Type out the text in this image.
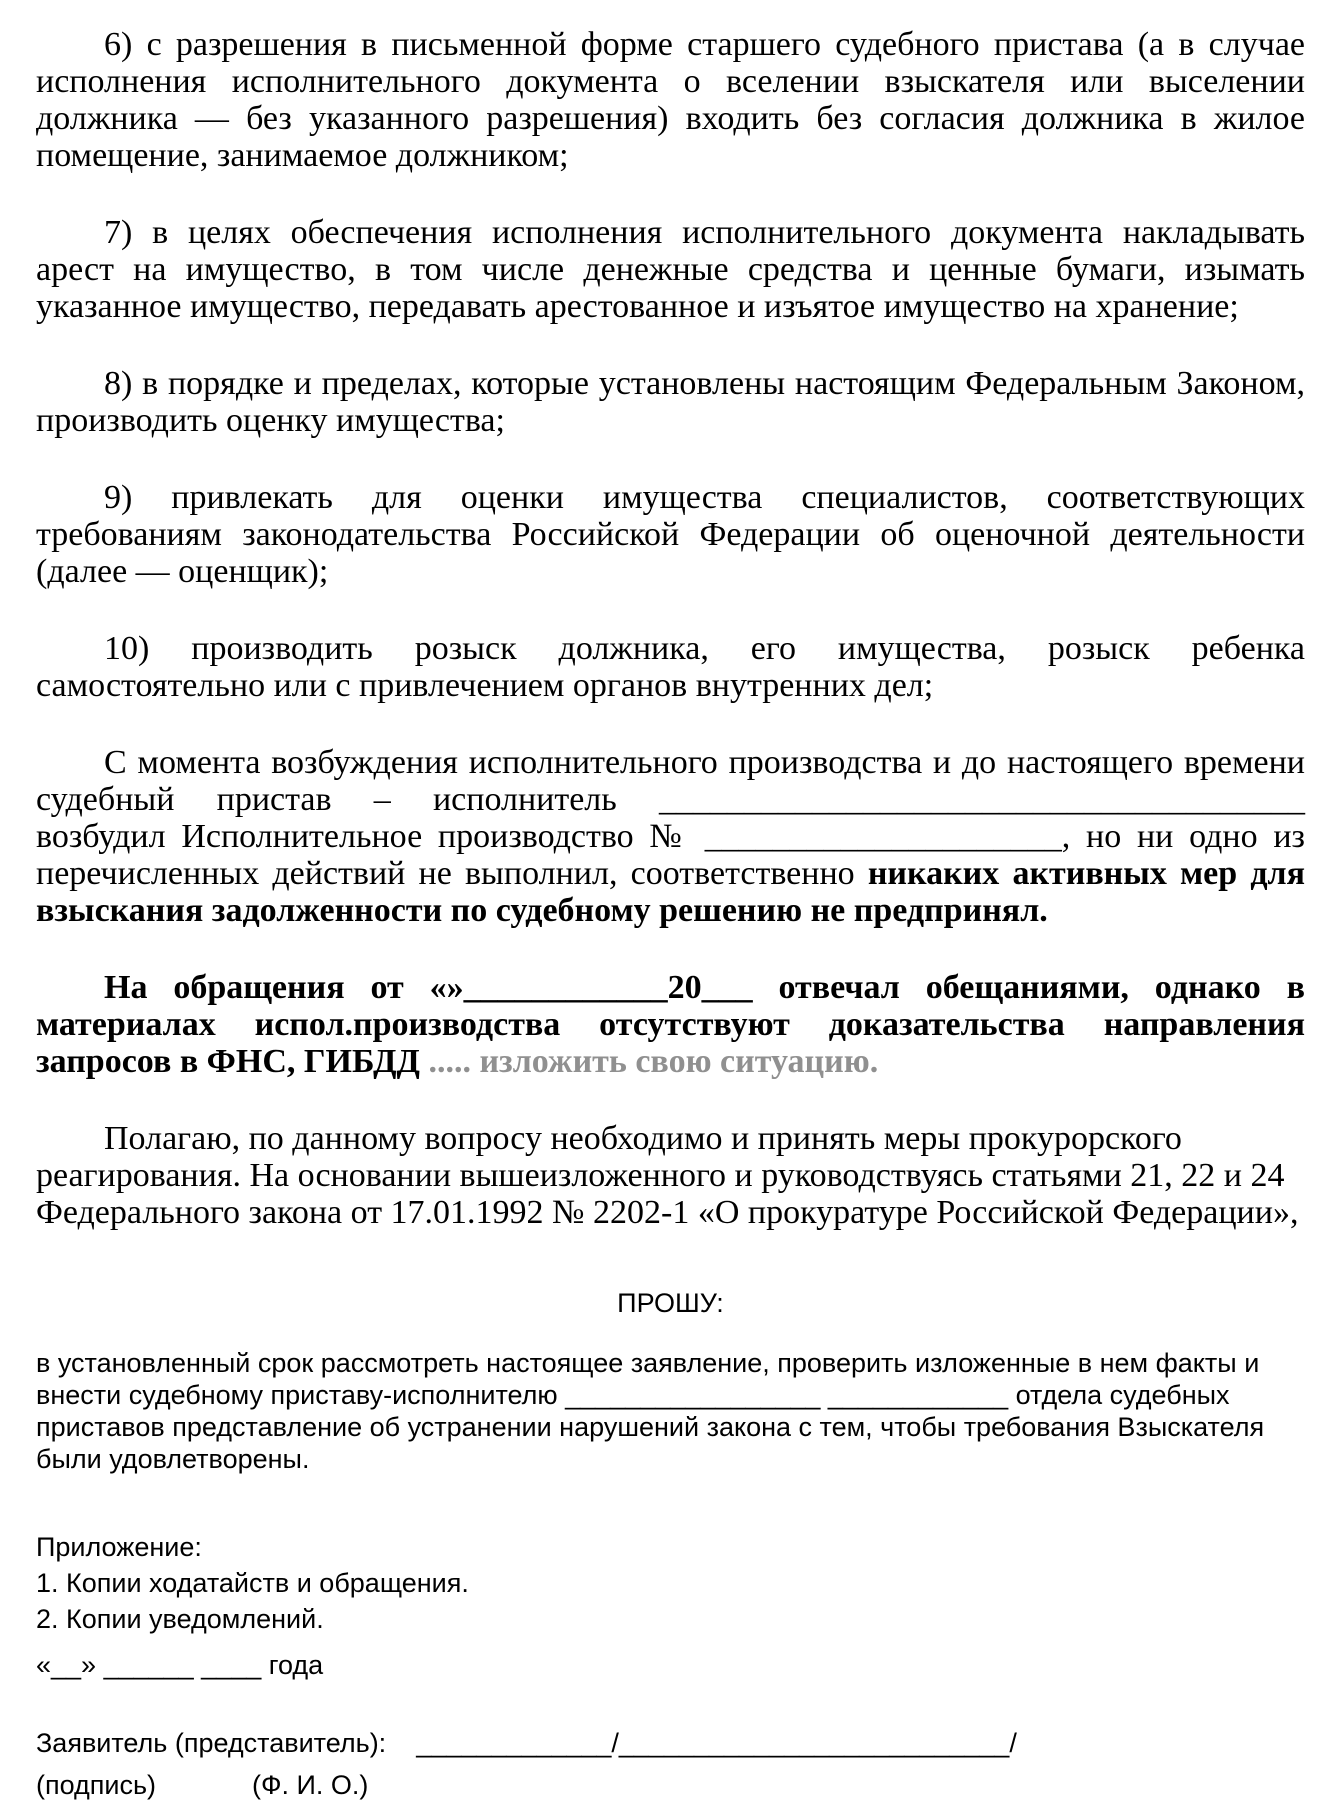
6) с разрешения в письменной форме старшего судебного пристава (а в случае исполнения исполнительного документа о вселении взыскателя или выселении должника — без указанного разрешения) входить без согласия должника в жилое помещение, занимаемое должником;

7) в целях обеспечения исполнения исполнительного документа накладывать арест на имущество, в том числе денежные средства и ценные бумаги, изымать указанное имущество, передавать арестованное и изъятое имущество на хранение;

8) в порядке и пределах, которые установлены настоящим Федеральным Законом, производить оценку имущества;

9) привлекать для оценки имущества специалистов, соответствующих требованиям законодательства Российской Федерации об оценочной деятельности (далее — оценщик);

10) производить розыск должника, его имущества, розыск ребенка самостоятельно или с привлечением органов внутренних дел;

С момента возбуждения исполнительного производства и до настоящего времени судебный пристав – исполнитель ______________________________________ возбудил Исполнительное производство № _____________________, но ни одно из перечисленных действий не выполнил, соответственно никаких активных мер для взыскания задолженности по судебному решению не предпринял.

На обращения от «»____________20___ отвечал обещаниями, однако в материалах испол.производства отсутствуют доказательства направления запросов в ФНС, ГИБДД ..... изложить свою ситуацию.

Полагаю, по данному вопросу необходимо и принять меры прокурорского реагирования. На основании вышеизложенного и руководствуясь статьями 21, 22 и 24 Федерального закона от 17.01.1992 № 2202-1 «О прокуратуре Российской Федерации»,

ПРОШУ:

в установленный срок рассмотреть настоящее заявление, проверить изложенные в нем факты и внести судебному приставу-исполнителю _________________ ____________ отдела судебных приставов представление об устранении нарушений закона с тем, чтобы требования Взыскателя были удовлетворены.

Приложение:
1. Копии ходатайств и обращения.
2. Копии уведомлений.

«__» ______ ____ года

Заявитель (представитель): _____________/__________________________/
(подпись)	(Ф. И. О.)
